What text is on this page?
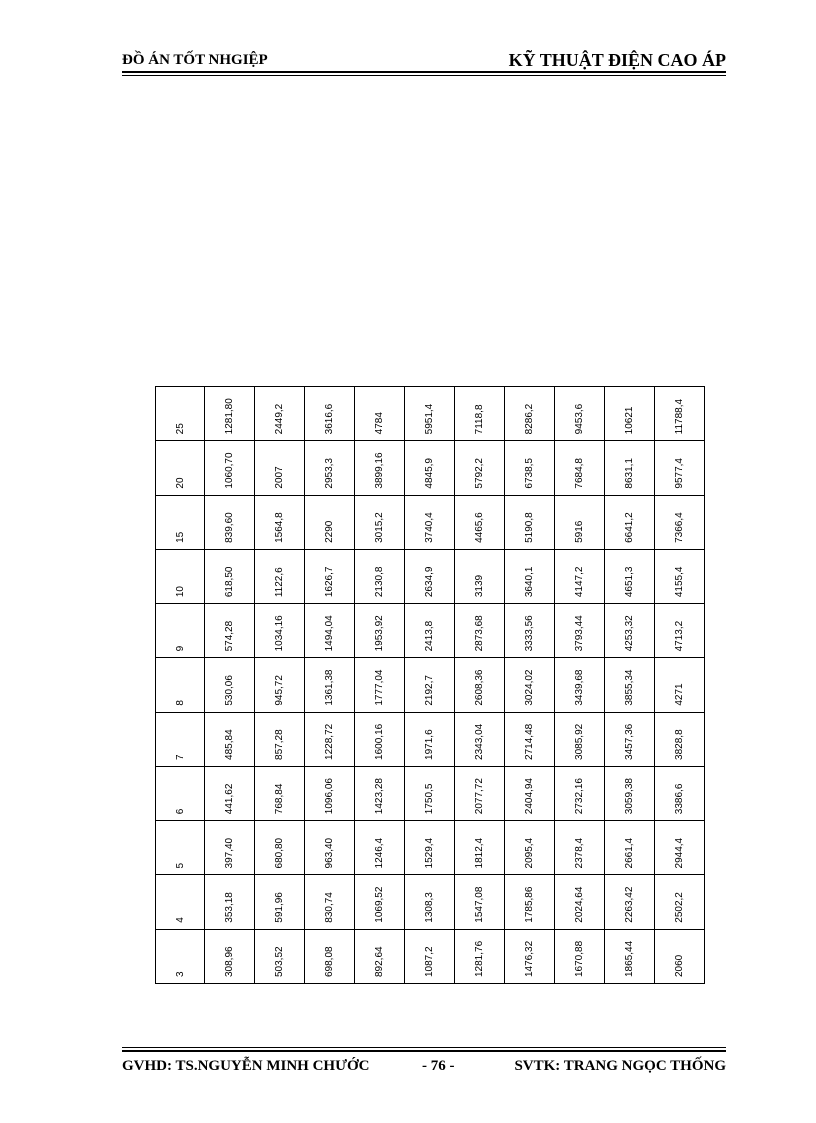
ĐỒ ÁN TỐT NHGIỆP	KỸ THUẬT ĐIỆN CAO ÁP
3	4	5	6	7	8	9	10	15	20	25
308,96	353,18	397,40	441,62	485,84	530,06	574,28	618,50	839,60	1060,70	1281,80
503,52	591,96	680,80	768,84	857,28	945,72	1034,16	1122,6	1564,8	2007	2449,2
698,08	830,74	963,40	1096,06	1228,72	1361,38	1494,04	1626,7	2290	2953,3	3616,6
892,64	1069,52	1246,4	1423,28	1600,16	1777,04	1953,92	2130,8	3015,2	3899,16	4784
1087,2	1308,3	1529,4	1750,5	1971,6	2192,7	2413,8	2634,9	3740,4	4845,9	5951,4
1281,76	1547,08	1812,4	2077,72	2343,04	2608,36	2873,68	3139	4465,6	5792,2	7118,8
1476,32	1785,86	2095,4	2404,94	2714,48	3024,02	3333,56	3640,1	5190,8	6738,5	8286,2
1670,88	2024,64	2378,4	2732,16	3085,92	3439,68	3793,44	4147,2	5916	7684,8	9453,6
1865,44	2263,42	2661,4	3059,38	3457,36	3855,34	4253,32	4651,3	6641,2	8631,1	10621
2060	2502,2	2944,4	3386,6	3828,8	4271	4713,2	4155,4	7366,4	9577,4	11788,4
GVHD: TS.NGUYỄN MINH CHƯỚC	- 76 -	SVTK: TRANG NGỌC THỐNG
